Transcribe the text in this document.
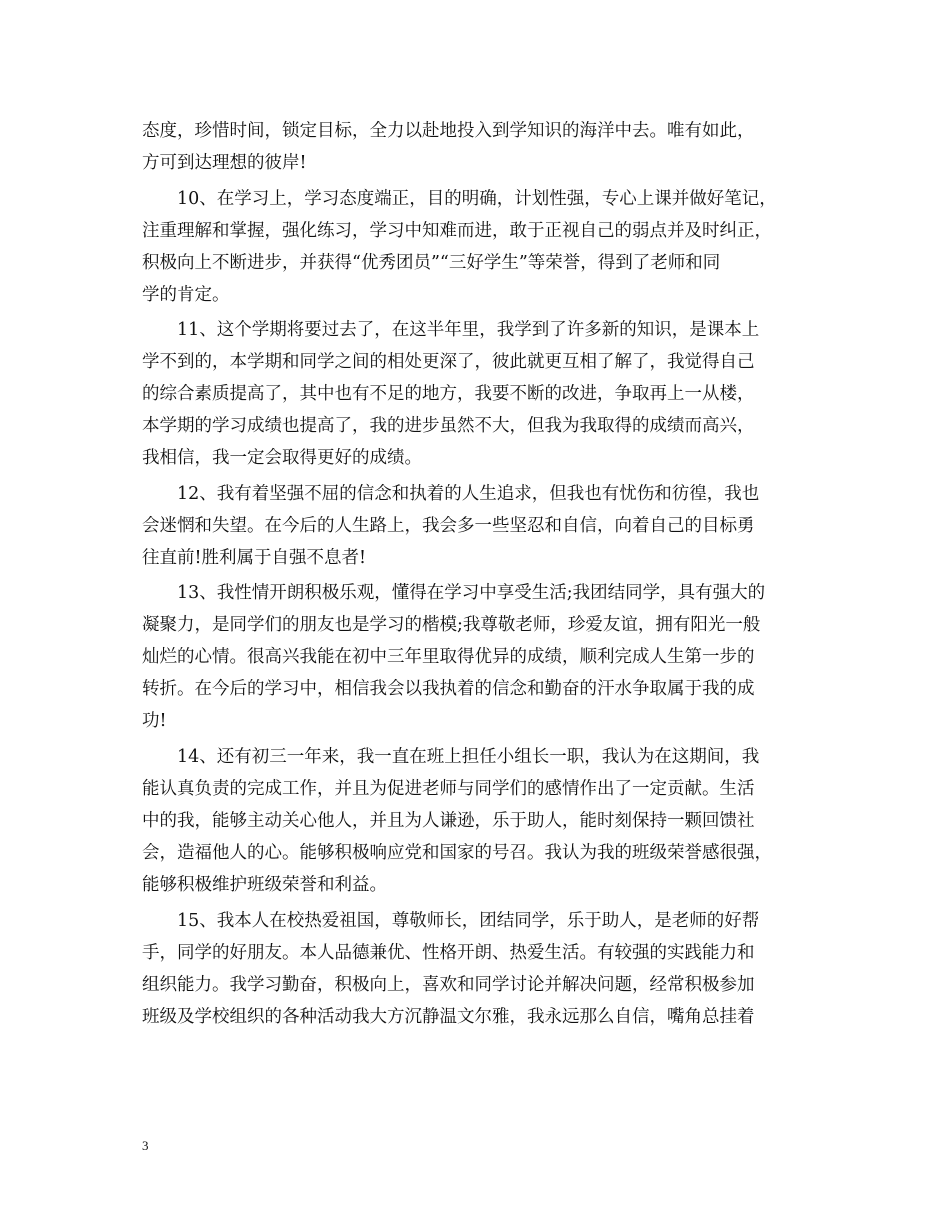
态度，珍惜时间，锁定目标，全力以赴地投入到学知识的海洋中去。唯有如此，
方可到达理想的彼岸!
10、在学习上，学习态度端正，目的明确，计划性强，专心上课并做好笔记，
注重理解和掌握，强化练习，学习中知难而进，敢于正视自己的弱点并及时纠正，
积极向上不断进步，并获得“优秀团员”“三好学生”等荣誉，得到了老师和同
学的肯定。
11、这个学期将要过去了，在这半年里，我学到了许多新的知识，是课本上
学不到的，本学期和同学之间的相处更深了，彼此就更互相了解了，我觉得自己
的综合素质提高了，其中也有不足的地方，我要不断的改进，争取再上一从楼，
本学期的学习成绩也提高了，我的进步虽然不大，但我为我取得的成绩而高兴，
我相信，我一定会取得更好的成绩。
12、我有着坚强不屈的信念和执着的人生追求，但我也有忧伤和彷徨，我也
会迷惘和失望。在今后的人生路上，我会多一些坚忍和自信，向着自己的目标勇
往直前!胜利属于自强不息者!
13、我性情开朗积极乐观，懂得在学习中享受生活;我团结同学，具有强大的
凝聚力，是同学们的朋友也是学习的楷模;我尊敬老师，珍爱友谊，拥有阳光一般
灿烂的心情。很高兴我能在初中三年里取得优异的成绩，顺利完成人生第一步的
转折。在今后的学习中，相信我会以我执着的信念和勤奋的汗水争取属于我的成
功!
14、还有初三一年来，我一直在班上担任小组长一职，我认为在这期间，我
能认真负责的完成工作，并且为促进老师与同学们的感情作出了一定贡献。生活
中的我，能够主动关心他人，并且为人谦逊，乐于助人，能时刻保持一颗回馈社
会，造福他人的心。能够积极响应党和国家的号召。我认为我的班级荣誉感很强，
能够积极维护班级荣誉和利益。
15、我本人在校热爱祖国，尊敬师长，团结同学，乐于助人，是老师的好帮
手，同学的好朋友。本人品德兼优、性格开朗、热爱生活。有较强的实践能力和
组织能力。我学习勤奋，积极向上，喜欢和同学讨论并解决问题，经常积极参加
班级及学校组织的各种活动我大方沉静温文尔雅，我永远那么自信，嘴角总挂着
3
